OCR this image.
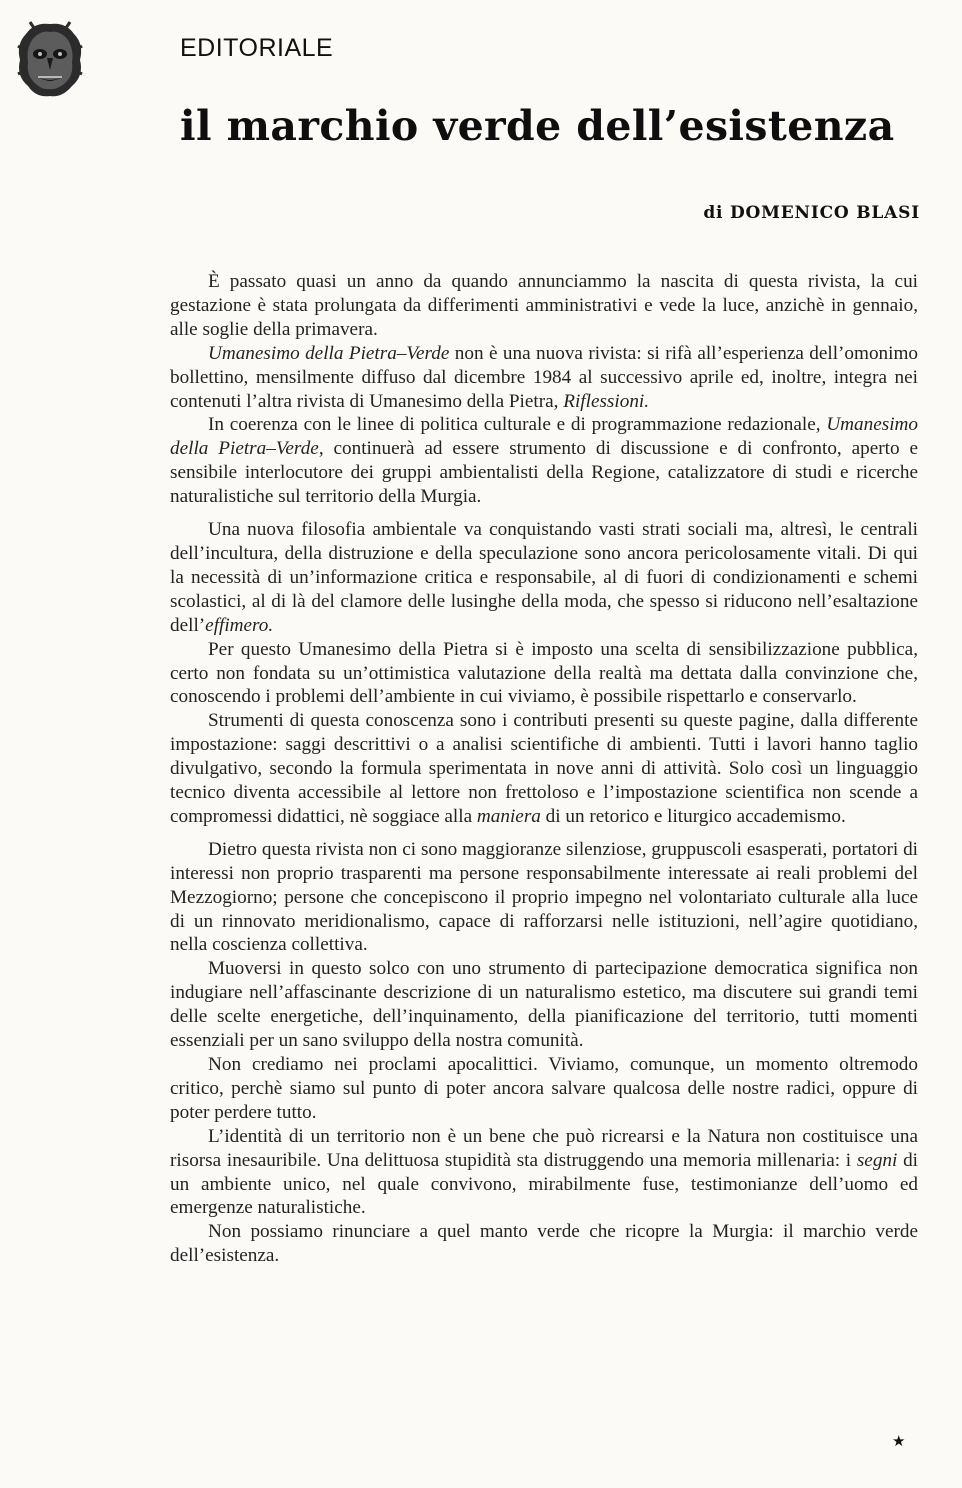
EDITORIALE
il marchio verde dell’esistenza
di DOMENICO BLASI

È passato quasi un anno da quando annunciammo la nascita di questa rivista, la cui gestazione è stata prolungata da differimenti amministrativi e vede la luce, anzichè in gennaio, alle soglie della primavera.

Umanesimo della Pietra–Verde non è una nuova rivista: si rifà all’esperienza dell’omonimo bollettino, mensilmente diffuso dal dicembre 1984 al successivo aprile ed, inoltre, integra nei contenuti l’altra rivista di Umanesimo della Pietra, Riflessioni.

In coerenza con le linee di politica culturale e di programmazione redazionale, Umanesimo della Pietra–Verde, continuerà ad essere strumento di discussione e di confronto, aperto e sensibile interlocutore dei gruppi ambientalisti della Regione, catalizzatore di studi e ricerche naturalistiche sul territorio della Murgia.

Una nuova filosofia ambientale va conquistando vasti strati sociali ma, altresì, le centrali dell’incultura, della distruzione e della speculazione sono ancora pericolosamente vitali. Di qui la necessità di un’informazione critica e responsabile, al di fuori di condizionamenti e schemi scolastici, al di là del clamore delle lusinghe della moda, che spesso si riducono nell’esaltazione dell’effimero.

Per questo Umanesimo della Pietra si è imposto una scelta di sensibilizzazione pubblica, certo non fondata su un’ottimistica valutazione della realtà ma dettata dalla convinzione che, conoscendo i problemi dell’ambiente in cui viviamo, è possibile rispettarlo e conservarlo.

Strumenti di questa conoscenza sono i contributi presenti su queste pagine, dalla differente impostazione: saggi descrittivi o a analisi scientifiche di ambienti. Tutti i lavori hanno taglio divulgativo, secondo la formula sperimentata in nove anni di attività. Solo così un linguaggio tecnico diventa accessibile al lettore non frettoloso e l’impostazione scientifica non scende a compromessi didattici, nè soggiace alla maniera di un retorico e liturgico accademismo.

Dietro questa rivista non ci sono maggioranze silenziose, gruppuscoli esasperati, portatori di interessi non proprio trasparenti ma persone responsabilmente interessate ai reali problemi del Mezzogiorno; persone che concepiscono il proprio impegno nel volontariato culturale alla luce di un rinnovato meridionalismo, capace di rafforzarsi nelle istituzioni, nell’agire quotidiano, nella coscienza collettiva.

Muoversi in questo solco con uno strumento di partecipazione democratica significa non indugiare nell’affascinante descrizione di un naturalismo estetico, ma discutere sui grandi temi delle scelte energetiche, dell’inquinamento, della pianificazione del territorio, tutti momenti essenziali per un sano sviluppo della nostra comunità.

Non crediamo nei proclami apocalittici. Viviamo, comunque, un momento oltremodo critico, perchè siamo sul punto di poter ancora salvare qualcosa delle nostre radici, oppure di poter perdere tutto.

L’identità di un territorio non è un bene che può ricrearsi e la Natura non costituisce una risorsa inesauribile. Una delittuosa stupidità sta distruggendo una memoria millenaria: i segni di un ambiente unico, nel quale convivono, mirabilmente fuse, testimonianze dell’uomo ed emergenze naturalistiche.

Non possiamo rinunciare a quel manto verde che ricopre la Murgia: il marchio verde dell’esistenza.

★
